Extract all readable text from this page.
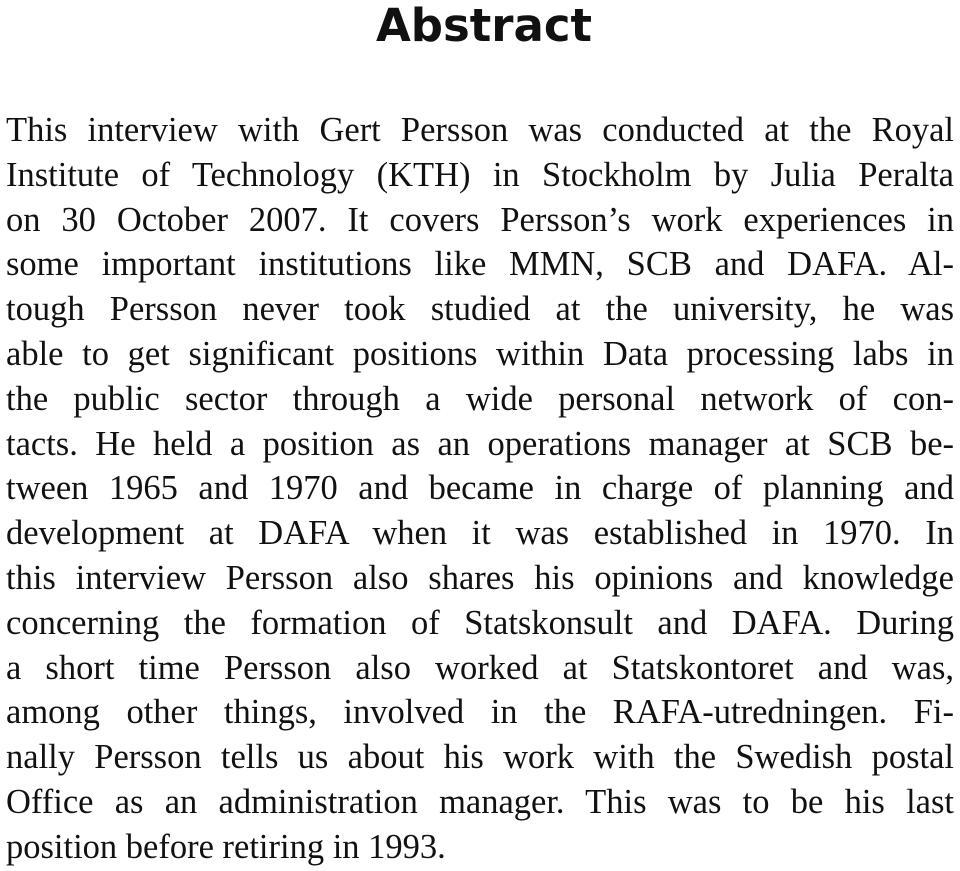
Abstract
This interview with Gert Persson was conducted at the Royal
Institute of Technology (KTH) in Stockholm by Julia Peralta
on 30 October 2007. It covers Persson’s work experiences in
some important institutions like MMN, SCB and DAFA. Al-
tough Persson never took studied at the university, he was
able to get significant positions within Data processing labs in
the public sector through a wide personal network of con-
tacts. He held a position as an operations manager at SCB be-
tween 1965 and 1970 and became in charge of planning and
development at DAFA when it was established in 1970. In
this interview Persson also shares his opinions and knowledge
concerning the formation of Statskonsult and DAFA. During
a short time Persson also worked at Statskontoret and was,
among other things, involved in the RAFA-utredningen. Fi-
nally Persson tells us about his work with the Swedish postal
Office as an administration manager. This was to be his last
position before retiring in 1993.
